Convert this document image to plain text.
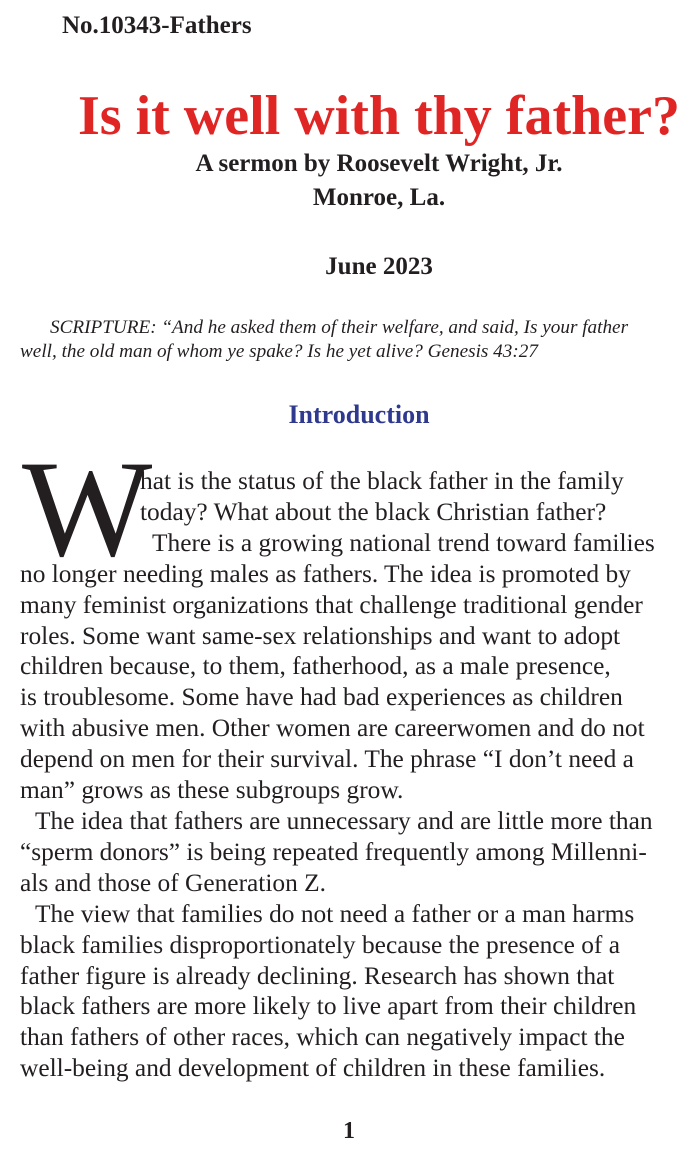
No.10343-Fathers
Is it well with thy father?
A sermon by Roosevelt Wright, Jr.
Monroe, La.
June 2023
SCRIPTURE: “And he asked them of their welfare, and said, Is your father
well, the old man of whom ye spake? Is he yet alive? Genesis 43:27
Introduction
W
hat is the status of the black father in the family
today? What about the black Christian father?
There is a growing national trend toward families
no longer needing males as fathers. The idea is promoted by
many feminist organizations that challenge traditional gender
roles. Some want same-sex relationships and want to adopt
children because, to them, fatherhood, as a male presence,
is troublesome. Some have had bad experiences as children
with abusive men. Other women are careerwomen and do not
depend on men for their survival. The phrase “I don’t need a
man” grows as these subgroups grow.
The idea that fathers are unnecessary and are little more than
“sperm donors” is being repeated frequently among Millenni-
als and those of Generation Z.
The view that families do not need a father or a man harms
black families disproportionately because the presence of a
father figure is already declining. Research has shown that
black fathers are more likely to live apart from their children
than fathers of other races, which can negatively impact the
well-being and development of children in these families.
1
